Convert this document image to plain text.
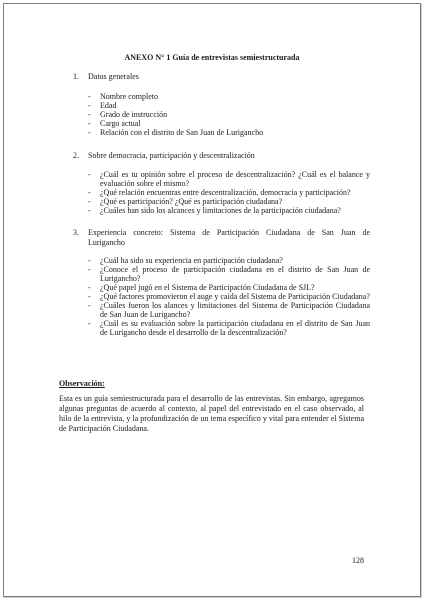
ANEXO N° 1 Guía de entrevistas semiestructurada
1. Datos generales
- Nombre completo
- Edad
- Grado de instrucción
- Cargo actual
- Relación con el distrito de San Juan de Lurigancho
2. Sobre democracia, participación y descentralización
- ¿Cuál es tu opinión sobre el proceso de descentralización? ¿Cuál es el balance y evaluación sobre el mismo?
- ¿Qué relación encuentras entre descentralización, democracia y participación?
- ¿Qué es participación? ¿Qué es participación ciudadana?
- ¿Cuáles han sido los alcances y limitaciones de la participación ciudadana?
3. Experiencia concreto: Sistema de Participación Ciudadana de San Juan de
Lurigancho
- ¿Cuál ha sido su experiencia en participación ciudadana?
- ¿Conoce el proceso de participación ciudadana en el distrito de San Juan de Lurigancho?
- ¿Qué papel jugó en el Sistema de Participación Ciudadana de SJL?
- ¿Qué factores promovieron el auge y caída del Sistema de Participación Ciudadana?
- ¿Cuáles fueron los alances y limitaciones del Sistema de Participación Ciudadana de San Juan de Lurigancho?
- ¿Cuál es su evaluación sobre la participación ciudadana en el distrito de San Juan de Lurigancho desde el desarrollo de la descentralización?
Observación:
Esta es un guía semiestructurada para el desarrollo de las entrevistas. Sin embargo, agregamos algunas preguntas de acuerdo al contexto, al papel del entrevistado en el caso observado, al hilo de la entrevista, y la profundización de un tema específico y vital para entender el Sistema de Participación Ciudadana.
128
